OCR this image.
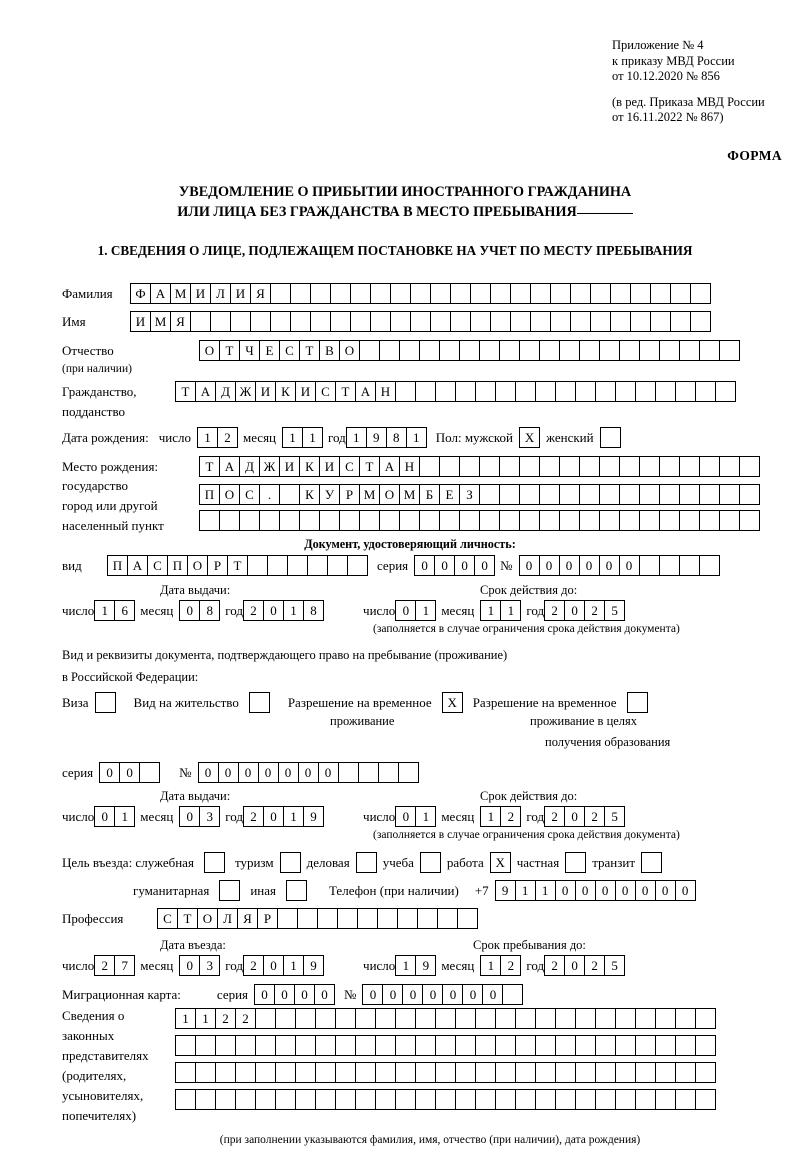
Приложение № 4
к приказу МВД России
от 10.12.2020 № 856
(в ред. Приказа МВД России
от 16.11.2022 № 867)
ФОРМА
УВЕДОМЛЕНИЕ О ПРИБЫТИИ ИНОСТРАННОГО ГРАЖДАНИНА
ИЛИ ЛИЦА БЕЗ ГРАЖДАНСТВА В МЕСТО ПРЕБЫВАНИЯ
1. СВЕДЕНИЯ О ЛИЦЕ, ПОДЛЕЖАЩЕМ ПОСТАНОВКЕ НА УЧЕТ ПО МЕСТУ ПРЕБЫВАНИЯ
Фамилия	Ф А М И Л И Я
Имя	И М Я
Отчество	О Т Ч Е С Т В О
(при наличии)
Гражданство,	Т А Д Ж И К И С Т А Н
подданство
Дата рождения: число	1	2 месяц	1	1 год 1	9	8	1	Пол: мужской X женский
Место рождения:	Т А Д Ж И К И С Т А Н
государство
П О С	.	К У Р М О М Б Е З
город или другой
населенный пункт
Документ, удостоверяющий личность:
вид	П А С П О Р Т	серия	0	0	0	0 №	0	0	0	0	0	0
Дата выдачи:	Срок действия до:
число 1	6 месяц	0	8 год 2	0	1	8	число 0	1 месяц	1	1 год 2	0	2	5
(заполняется в случае ограничения срока действия документа)
Вид и реквизиты документа, подтверждающего право на пребывание (проживание)
в Российской Федерации:
Виза	Вид на жительство	Разрешение на временное	X	Разрешение на временное
проживание	проживание в целях
получения образования
серия	0	0	№	0	0	0	0	0	0	0
Дата выдачи:	Срок действия до:
число 0	1 месяц	0	3 год 2	0	1	9	число 0	1 месяц	1	2 год 2	0	2	5
(заполняется в случае ограничения срока действия документа)
Цель въезда: служебная	туризм	деловая	учеба	работа X частная	транзит
гуманитарная	иная	Телефон (при наличии) +7	9	1	1	0	0	0	0	0	0	0
Профессия	С Т О Л Я Р
Дата въезда:	Срок пребывания до:
число 2	7 месяц	0	3 год 2	0	1	9	число 1	9 месяц	1	2 год 2	0	2	5
Миграционная карта:	серия	0	0	0	0	№	0	0	0	0	0	0	0
Сведения о
законных
представителях
(родителях,
усыновителях,
попечителях)
1	1	2	2
(при заполнении указываются фамилия, имя, отчество (при наличии), дата рождения)
